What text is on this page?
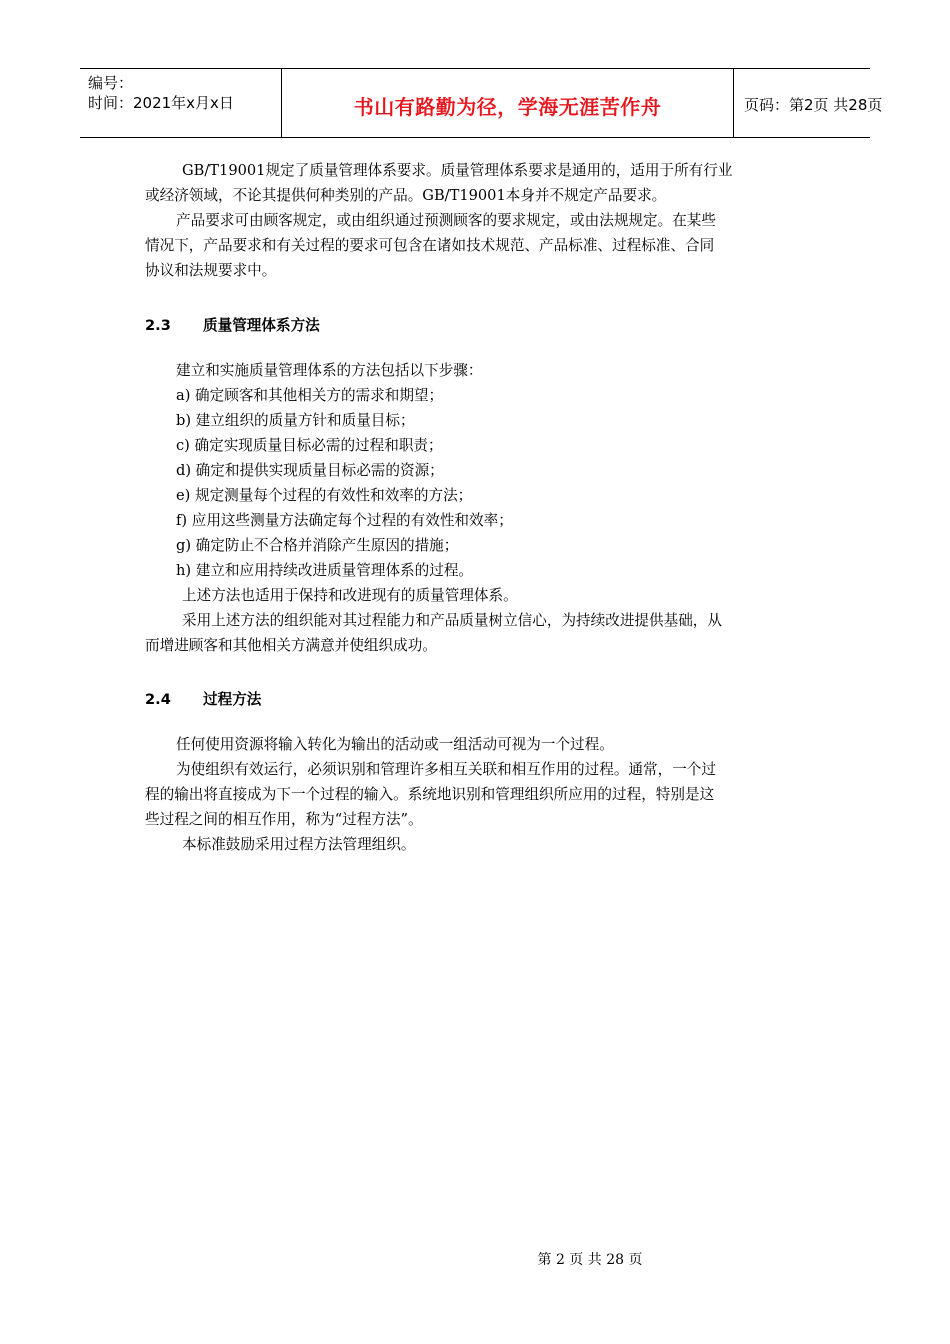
编号：
时间：2021年x月x日	书山有路勤为径，学海无涯苦作舟	页码：第2页 共28页
GB/T19001规定了质量管理体系要求。质量管理体系要求是通用的，适用于所有行业
或经济领域，不论其提供何种类别的产品。GB/T19001本身并不规定产品要求。
产品要求可由顾客规定，或由组织通过预测顾客的要求规定，或由法规规定。在某些
情况下，产品要求和有关过程的要求可包含在诸如技术规范、产品标准、过程标准、合同
协议和法规要求中。
2.3 质量管理体系方法
建立和实施质量管理体系的方法包括以下步骤：
a) 确定顾客和其他相关方的需求和期望；
b) 建立组织的质量方针和质量目标；
c) 确定实现质量目标必需的过程和职责；
d) 确定和提供实现质量目标必需的资源；
e) 规定测量每个过程的有效性和效率的方法；
f) 应用这些测量方法确定每个过程的有效性和效率；
g) 确定防止不合格并消除产生原因的措施；
h) 建立和应用持续改进质量管理体系的过程。
上述方法也适用于保持和改进现有的质量管理体系。
采用上述方法的组织能对其过程能力和产品质量树立信心，为持续改进提供基础，从
而增进顾客和其他相关方满意并使组织成功。
2.4 过程方法
任何使用资源将输入转化为输出的活动或一组活动可视为一个过程。
为使组织有效运行，必须识别和管理许多相互关联和相互作用的过程。通常，一个过
程的输出将直接成为下一个过程的输入。系统地识别和管理组织所应用的过程，特别是这
些过程之间的相互作用，称为“过程方法”。
本标准鼓励采用过程方法管理组织。
第 2 页 共 28 页
